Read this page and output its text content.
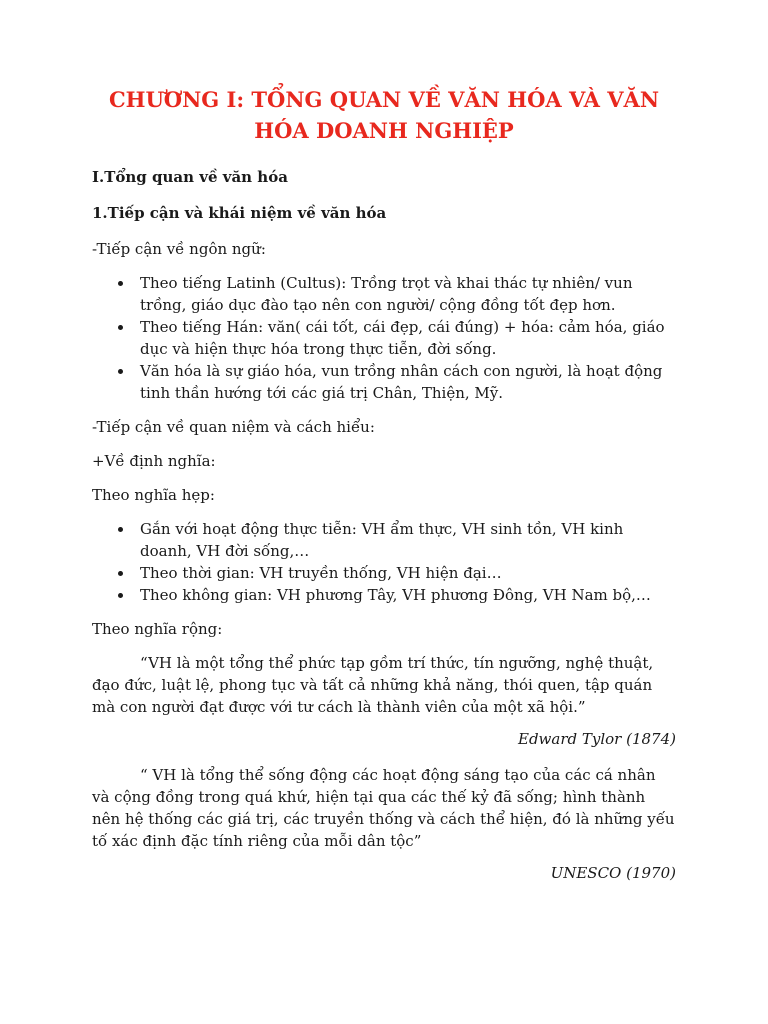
CHƯƠNG I: TỔNG QUAN VỀ VĂN HÓA VÀ VĂN HÓA DOANH NGHIỆP
I.Tổng quan về văn hóa
1.Tiếp cận và khái niệm về văn hóa

-Tiếp cận về ngôn ngữ:

Theo tiếng Latinh (Cultus): Trồng trọt và khai thác tự nhiên/ vun trồng, giáo dục đào tạo nên con người/ cộng đồng tốt đẹp hơn.
Theo tiếng Hán: văn( cái tốt, cái đẹp, cái đúng) + hóa: cảm hóa, giáo dục và hiện thực hóa trong thực tiễn, đời sống.
Văn hóa là sự giáo hóa, vun trồng nhân cách con người, là hoạt động tinh thần hướng tới các giá trị Chân, Thiện, Mỹ.

-Tiếp cận về quan niệm và cách hiểu:

+Về định nghĩa:

Theo nghĩa hẹp:

Gắn với hoạt động thực tiễn: VH ẩm thực, VH sinh tồn, VH kinh doanh, VH đời sống,…
Theo thời gian: VH truyền thống, VH hiện đại…
Theo không gian: VH phương Tây, VH phương Đông, VH Nam bộ,…

Theo nghĩa rộng:

“VH là một tổng thể phức tạp gồm trí thức, tín ngưỡng, nghệ thuật, đạo đức, luật lệ, phong tục và tất cả những khả năng, thói quen, tập quán mà con người đạt được với tư cách là thành viên của một xã hội.”

Edward Tylor (1874)

“ VH là tổng thể sống động các hoạt động sáng tạo của các cá nhân và cộng đồng trong quá khứ, hiện tại qua các thế kỷ đã sống; hình thành nên hệ thống các giá trị, các truyền thống và cách thể hiện, đó là những yếu tố xác định đặc tính riêng của mỗi dân tộc”

UNESCO (1970)
